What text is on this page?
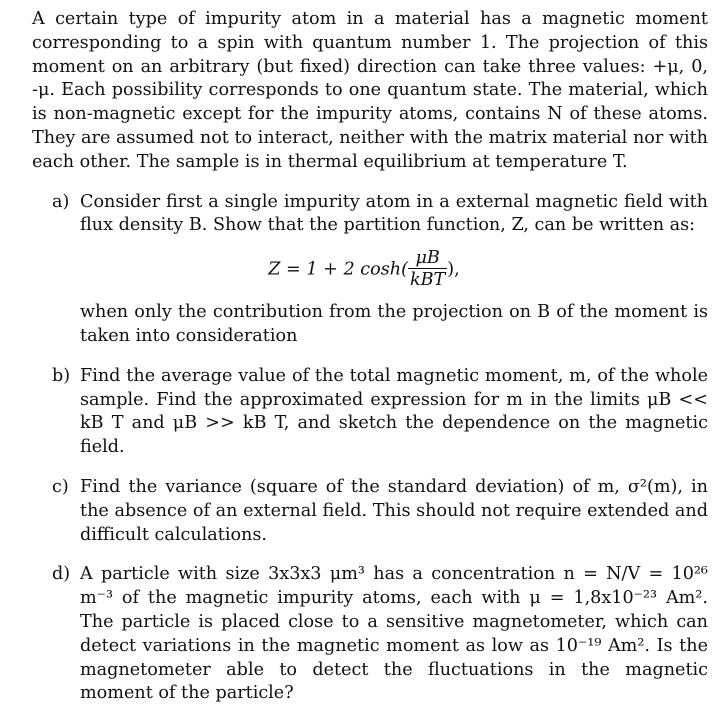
A certain type of impurity atom in a material has a magnetic moment corresponding to a spin with quantum number 1. The projection of this moment on an arbitrary (but fixed) direction can take three values: +μ, 0, -μ. Each possibility corresponds to one quantum state. The material, which is non-magnetic except for the impurity atoms, contains N of these atoms. They are assumed not to interact, neither with the matrix material nor with each other. The sample is in thermal equilibrium at temperature T.

a) Consider first a single impurity atom in a external magnetic field with flux density B. Show that the partition function, Z, can be written as:

Z = 1 + 2 $\cosh( \frac{\mu B}{\text{kBT}}$ ),

when only the contribution from the projection on B of the moment is taken into consideration

b) Find the average value of the total magnetic moment, m, of the whole sample. Find the approximated expression for m in the limits μB << kB T and μB >> kB T, and sketch the dependence on the magnetic field.

c) Find the variance (square of the standard deviation) of m, σ²(m), in the absence of an external field. This should not require extended and difficult calculations.

d) A particle with size 3x3x3 μm³ has a concentration n = N/V = 10²⁶ m⁻³ of the magnetic impurity atoms, each with μ = 1,8x10⁻²³ Am². The particle is placed close to a sensitive magnetometer, which can detect variations in the magnetic moment as low as 10⁻¹⁹ Am². Is the magnetometer able to detect the fluctuations in the magnetic moment of the particle?
